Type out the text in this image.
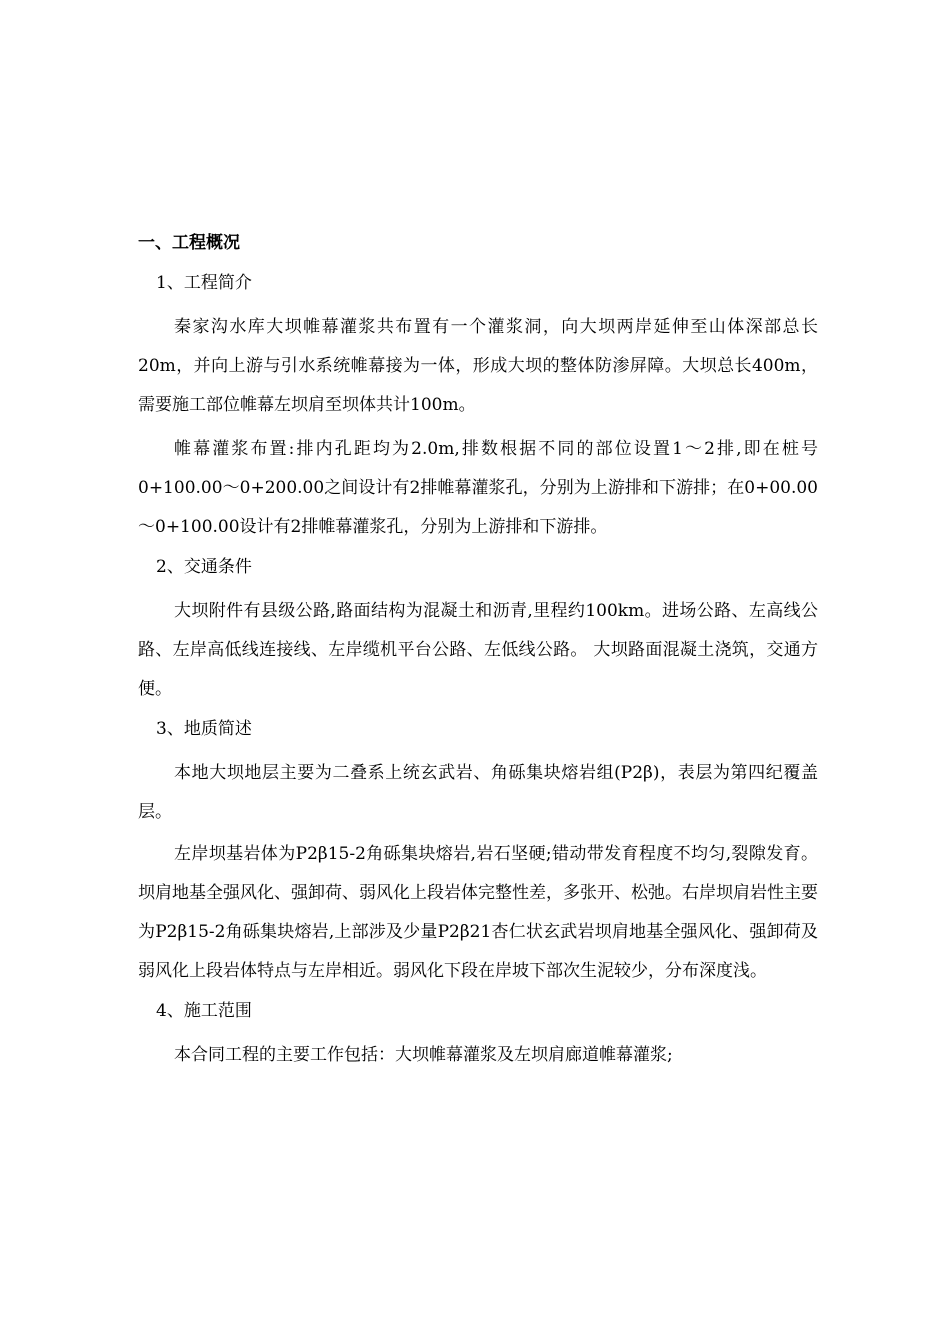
一、工程概况
1、工程简介

秦家沟水库大坝帷幕灌浆共布置有一个灌浆洞，向大坝两岸延伸至山体深部总长20m，并向上游与引水系统帷幕接为一体，形成大坝的整体防渗屏障。大坝总长400m，需要施工部位帷幕左坝肩至坝体共计100m。

帷幕灌浆布置:排内孔距均为2.0m,排数根据不同的部位设置1～2排,即在桩号0+100.00～0+200.00之间设计有2排帷幕灌浆孔，分别为上游排和下游排；在0+00.00～0+100.00设计有2排帷幕灌浆孔，分别为上游排和下游排。

2、交通条件

大坝附件有县级公路,路面结构为混凝土和沥青,里程约100km。进场公路、左高线公路、左岸高低线连接线、左岸缆机平台公路、左低线公路。 大坝路面混凝土浇筑，交通方便。

3、地质简述

本地大坝地层主要为二叠系上统玄武岩、角砾集块熔岩组(P2β)，表层为第四纪覆盖层。

左岸坝基岩体为P2β15-2角砾集块熔岩,岩石坚硬;错动带发育程度不均匀,裂隙发育。坝肩地基全强风化、强卸荷、弱风化上段岩体完整性差，多张开、松弛。右岸坝肩岩性主要为P2β15-2角砾集块熔岩,上部涉及少量P2β21杏仁状玄武岩坝肩地基全强风化、强卸荷及弱风化上段岩体特点与左岸相近。弱风化下段在岸坡下部次生泥较少，分布深度浅。

4、施工范围

本合同工程的主要工作包括：大坝帷幕灌浆及左坝肩廊道帷幕灌浆;
